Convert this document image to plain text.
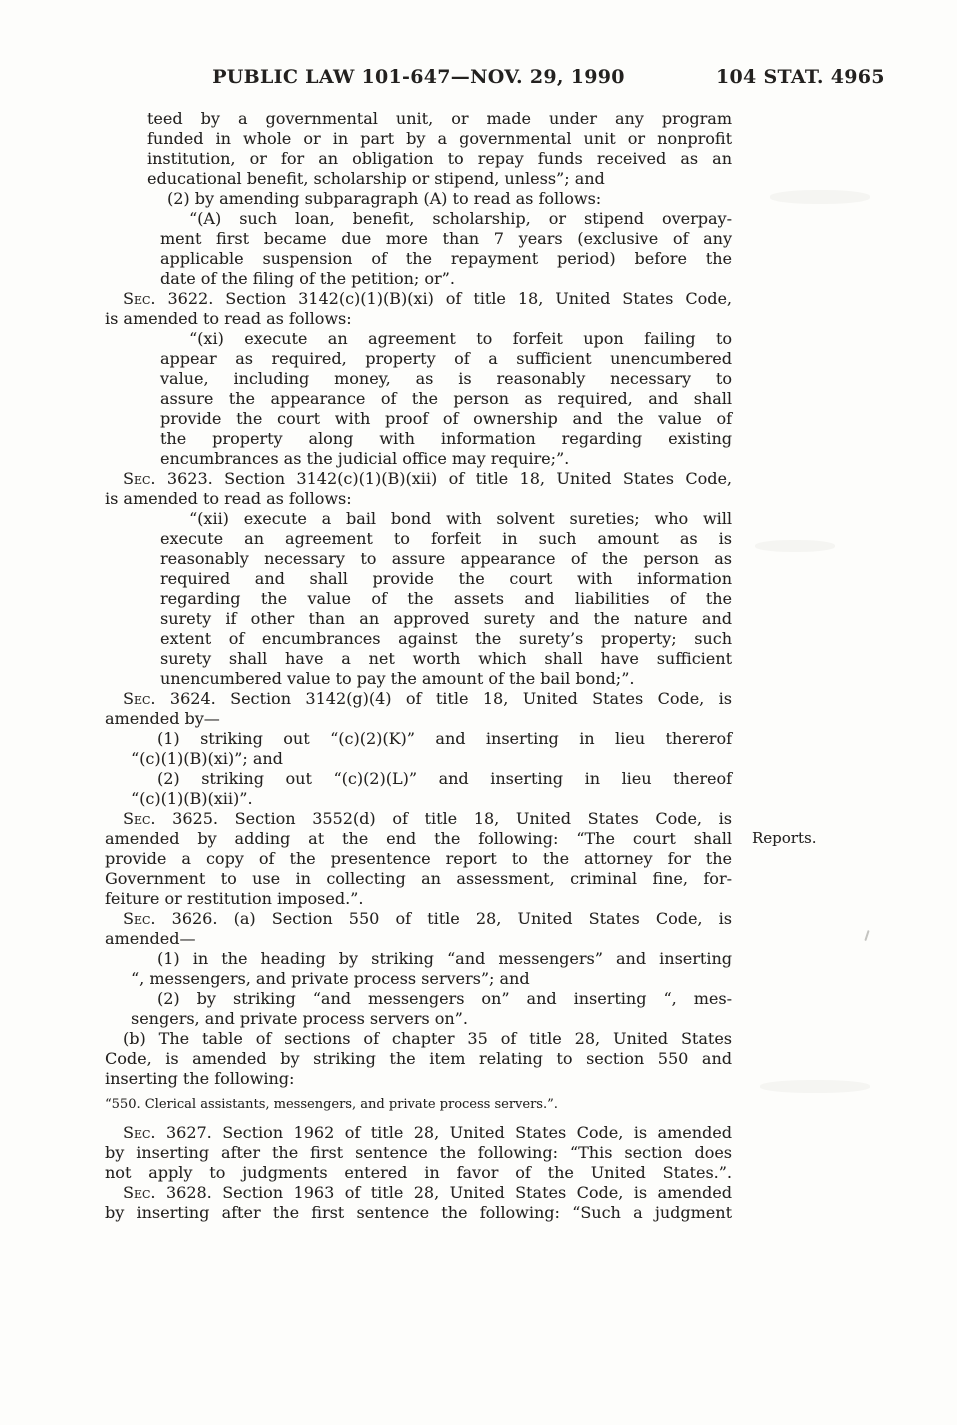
PUBLIC LAW 101-647—NOV. 29, 1990	104 STAT. 4965
teed by a governmental unit, or made under any program
funded in whole or in part by a governmental unit or nonprofit
institution, or for an obligation to repay funds received as an
educational benefit, scholarship or stipend, unless”; and
(2) by amending subparagraph (A) to read as follows:
“(A) such loan, benefit, scholarship, or stipend overpay-
ment first became due more than 7 years (exclusive of any
applicable suspension of the repayment period) before the
date of the filing of the petition; or”.
Sec. 3622. Section 3142(c)(1)(B)(xi) of title 18, United States Code,
is amended to read as follows:
“(xi) execute an agreement to forfeit upon failing to
appear as required, property of a sufficient unencumbered
value, including money, as is reasonably necessary to
assure the appearance of the person as required, and shall
provide the court with proof of ownership and the value of
the property along with information regarding existing
encumbrances as the judicial office may require;”.
Sec. 3623. Section 3142(c)(1)(B)(xii) of title 18, United States Code,
is amended to read as follows:
“(xii) execute a bail bond with solvent sureties; who will
execute an agreement to forfeit in such amount as is
reasonably necessary to assure appearance of the person as
required and shall provide the court with information
regarding the value of the assets and liabilities of the
surety if other than an approved surety and the nature and
extent of encumbrances against the surety’s property; such
surety shall have a net worth which shall have sufficient
unencumbered value to pay the amount of the bail bond;”.
Sec. 3624. Section 3142(g)(4) of title 18, United States Code, is
amended by—
(1) striking out “(c)(2)(K)” and inserting in lieu thererof
“(c)(1)(B)(xi)”; and
(2) striking out “(c)(2)(L)” and inserting in lieu thereof
“(c)(1)(B)(xii)”.
Sec. 3625. Section 3552(d) of title 18, United States Code, is
amended by adding at the end the following: “The court shall
provide a copy of the presentence report to the attorney for the
Government to use in collecting an assessment, criminal fine, for-
feiture or restitution imposed.”.
Sec. 3626. (a) Section 550 of title 28, United States Code, is
amended—
(1) in the heading by striking “and messengers” and inserting
“, messengers, and private process servers”; and
(2) by striking “and messengers on” and inserting “, mes-
sengers, and private process servers on”.
(b) The table of sections of chapter 35 of title 28, United States
Code, is amended by striking the item relating to section 550 and
inserting the following:
“550. Clerical assistants, messengers, and private process servers.”.
Sec. 3627. Section 1962 of title 28, United States Code, is amended
by inserting after the first sentence the following: “This section does
not apply to judgments entered in favor of the United States.”.
Sec. 3628. Section 1963 of title 28, United States Code, is amended
by inserting after the first sentence the following: “Such a judgment
Reports.
